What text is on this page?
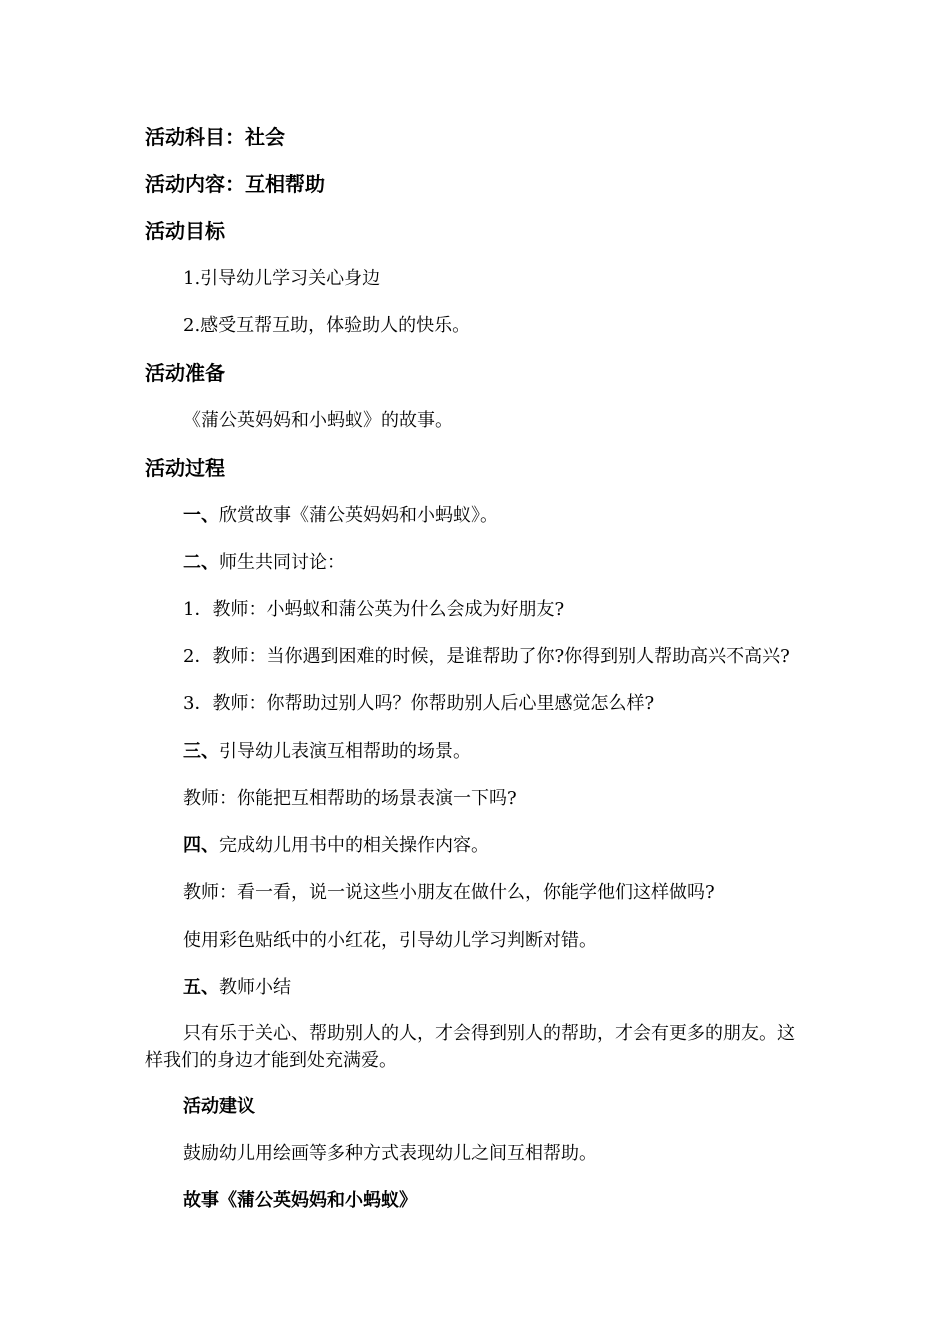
活动科目：社会
活动内容：互相帮助
活动目标
1.引导幼儿学习关心身边
2.感受互帮互助，体验助人的快乐。
活动准备
《蒲公英妈妈和小蚂蚁》的故事。
活动过程
一、欣赏故事《蒲公英妈妈和小蚂蚁》。
二、师生共同讨论：
1．教师：小蚂蚁和蒲公英为什么会成为好朋友?
2．教师：当你遇到困难的时候，是谁帮助了你?你得到别人帮助高兴不高兴?
3．教师：你帮助过别人吗？你帮助别人后心里感觉怎么样?
三、引导幼儿表演互相帮助的场景。
教师：你能把互相帮助的场景表演一下吗?
四、完成幼儿用书中的相关操作内容。
教师：看一看，说一说这些小朋友在做什么，你能学他们这样做吗?
使用彩色贴纸中的小红花，引导幼儿学习判断对错。
五、教师小结
只有乐于关心、帮助别人的人，才会得到别人的帮助，才会有更多的朋友。这样我们的身边才能到处充满爱。
活动建议
鼓励幼儿用绘画等多种方式表现幼儿之间互相帮助。
故事《蒲公英妈妈和小蚂蚁》
